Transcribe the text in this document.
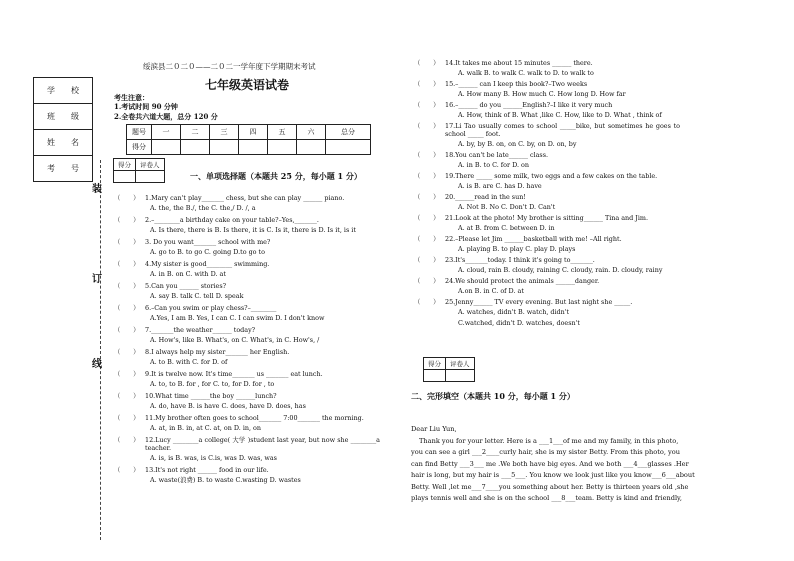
学　　校
班　　级
姓　　名
考　　号
装
订
线
绥滨县二０二０——二０二一学年度下学期期末考试
七年级英语试卷
考生注意：
1.考试时间 90 分钟
2.全卷共六道大题，总分 120 分
题号	一	二	三	四	五	六	总分
得分							
得分	评卷人

一、单项选择题（本题共 25 分，每小题 1 分）
（　　） 1.Mary can't play_______ chess, but she can play ______ piano.
A. the, the B./, the C. the,/ D. /, a
（　　） 2.–________a birthday cake on your table?–Yes,_______.
A. Is there, there is B. Is there, it is C. Is it, there is D. Is it, is it
（　　） 3. Do you want_______ school with me?
A. go to B. to go C. going D.to go to
（　　） 4.My sister is good________ swimming.
A. in B. on C. with D. at
（　　） 5.Can you ______ stories?
A. say B. talk C. tell D. speak
（　　） 6.–Can you swim or play chess?–________
A.Yes, I am B. Yes, I can C. I can swim D. I don't know
（　　） 7._______the weather______ today?
A. How's, like B. What's, on C. What's, in C. How's, /
（　　） 8.I always help my sister_______ her English.
A. to B. with C. for D. of
（　　） 9.It is twelve now. It's time_______ us _______ eat lunch.
A. to, to B. for , for C. to, for D. for , to
（　　） 10.What time ______the boy ______lunch?
A. do, have B. is have C. does, have D. does, has
（　　） 11.My brother often goes to school_______ 7:00_______ the morning.
A. at, in B. in, at C. at, on D. in, on
（　　） 12.Lucy ________a college( 大学 )student last year, but now she ________a teacher.
A. is, is B. was, is C.is, was D. was, was
（　　） 13.It's not right ______ food in our life.
A. waste(浪费) B. to waste C.wasting D. wastes
（　　） 14.It takes me about 15 minutes ______ there.
A. walk B. to walk C. walk to D. to walk to
（　　） 15.–______ can I keep this book?–Two weeks
A. How many B. How much C. How long D. How far
（　　） 16.–______ do you ______English?–I like it very much
A. How, think of B. What ,like C. How, like to D. What , think of
（　　） 17.Li Tao usually comes to school _____bike, but sometimes he goes to school _____ foot.
A. by, by B. on, on C. by, on D. on, by
（　　） 18.You can't be late______ class.
A. in B. to C. for D. on
（　　） 19.There _____ some milk, two eggs and a few cakes on the table.
A. is B. are C. has D. have
（　　） 20.______read in the sun!
A. Not B. No C. Don't D. Can't
（　　） 21.Look at the photo! My brother is sitting______ Tina and Jim.
A. at B. from C. between D. in
（　　） 22.–Please let Jim ______basketball with me! –All right.
A. playing B. to play C. play D. plays
（　　） 23.It's_______today. I think it's going to_______.
A. cloud, rain B. cloudy, raining C. cloudy, rain. D. cloudy, rainy
（　　） 24.We should protect the animals ______danger.
A.on B. in C. of D. at
（　　） 25.Jenny______ TV every evening. But last night she _____.
A. watches, didn't B. watch, didn't
C.watched, didn't D. watches, doesn't
得分	评卷人

二、完形填空（本题共 10 分，每小题 1 分）
Dear Liu Yun,
Thank you for your letter. Here is a ___1___of me and my family, in this photo,
you can see a girl ___2____curly hair, she is my sister Betty. From this photo, you
can find Betty ___3___ me .We both have big eyes. And we both ___4___glasses .Her
hair is long, but my hair is ___5___. You know we look just like you know___6___about
Betty. Well ,let me___7____you something about her. Betty is thirteen years old ,she
plays tennis well and she is on the school ___8___team. Betty is kind and friendly,
